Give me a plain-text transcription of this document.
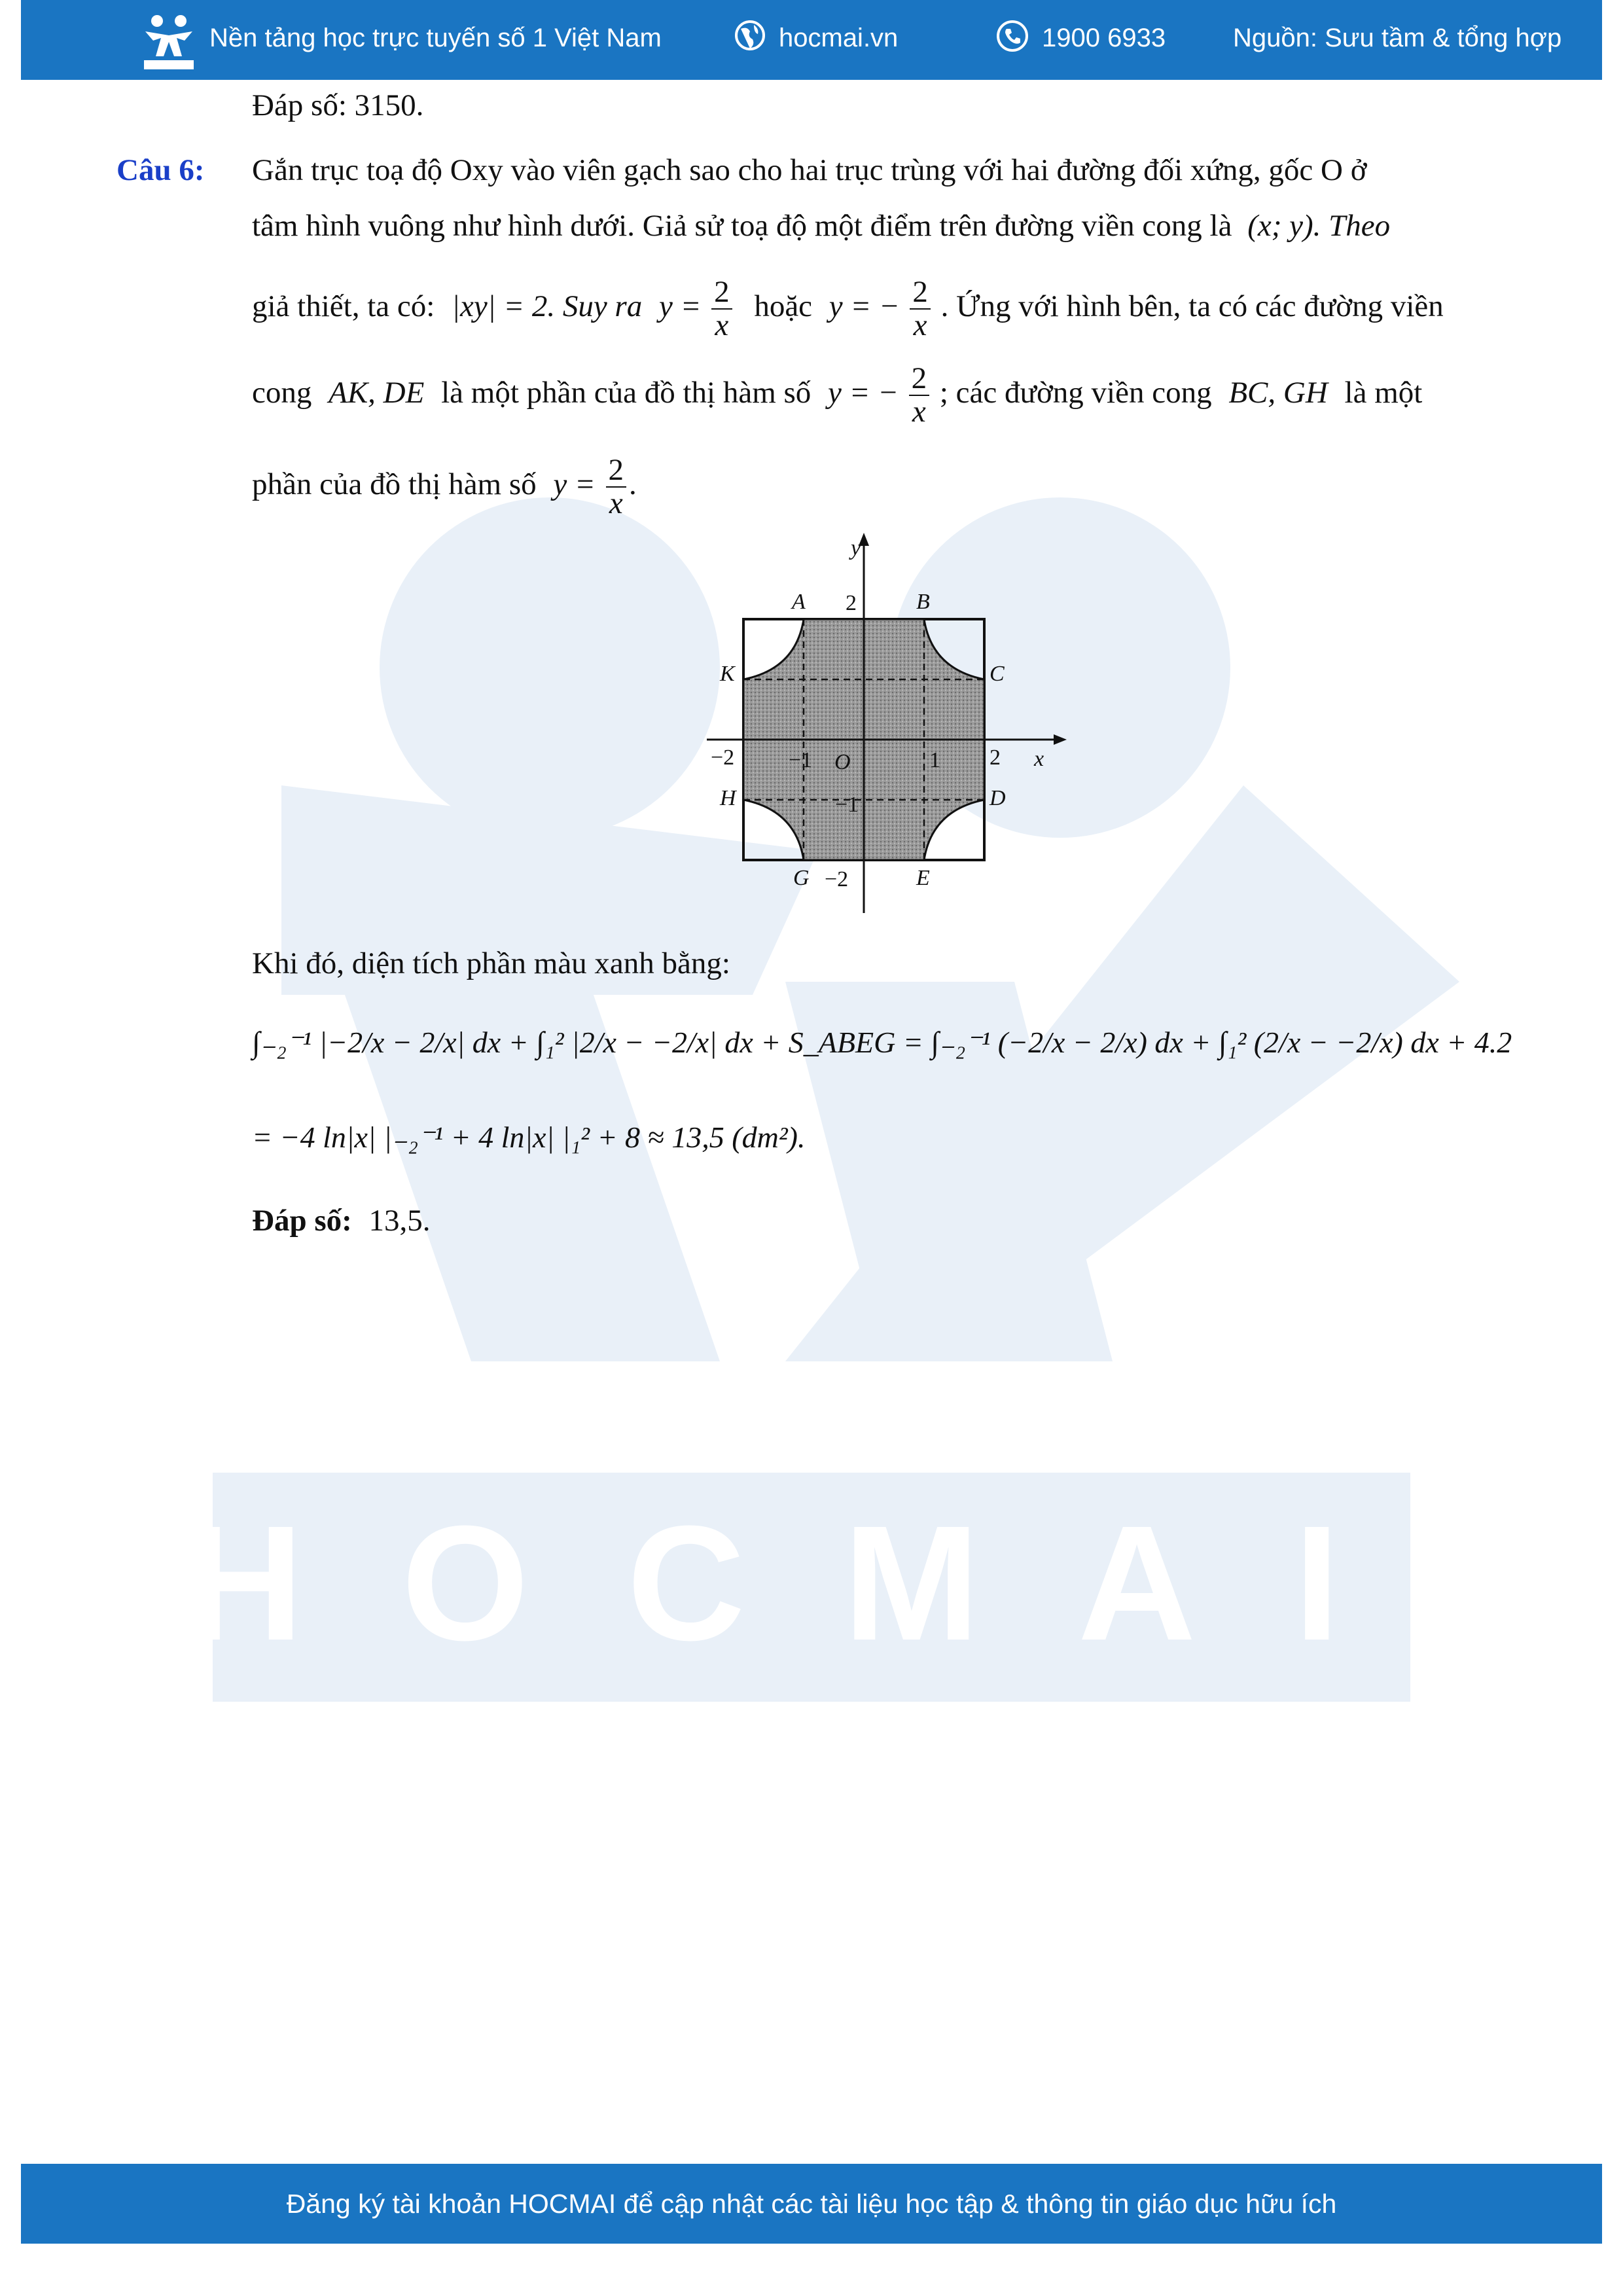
HOCMAI
Nền tảng học trực tuyến số 1 Việt Nam	hocmai.vn	1900 6933	Nguồn: Sưu tầm & tổng hợp
Đáp số: 3150.
Câu 6: Gắn trục toạ độ Oxy vào viên gạch sao cho hai trục trùng với hai đường đối xứng, gốc O ở
tâm hình vuông như hình dưới. Giả sử toạ độ một điểm trên đường viền cong là (x; y). Theo
giả thiết, ta có: |xy| = 2. Suy ra $y = \frac{2}{x}$ hoặc y = − $\frac{2}{x}$ . Ứng với hình bên, ta có các đường viền
cong AK, DE là một phần của đồ thị hàm số y = − $\frac{2}{x}$ ; các đường viền cong BC, GH là một
phần của đồ thị hàm số $y = \frac{2}{x}$ .
y
x
O
A	B
C
D
E
G
H
K
2
−2 −1	1 2
−1
−2
Khi đó, diện tích phần màu xanh bằng:
∫₋₂⁻¹ |−2/x − 2/x| dx + ∫₁² |2/x − −2/x| dx + S_ABEG = ∫₋₂⁻¹ (−2/x − 2/x) dx + ∫₁² (2/x − −2/x) dx + 4.2
= −4 ln|x| |₋₂⁻¹ + 4 ln|x| |₁² + 8 ≈ 13,5 (dm²).
Đáp số: 13,5.
Đăng ký tài khoản HOCMAI để cập nhật các tài liệu học tập & thông tin giáo dục hữu ích
